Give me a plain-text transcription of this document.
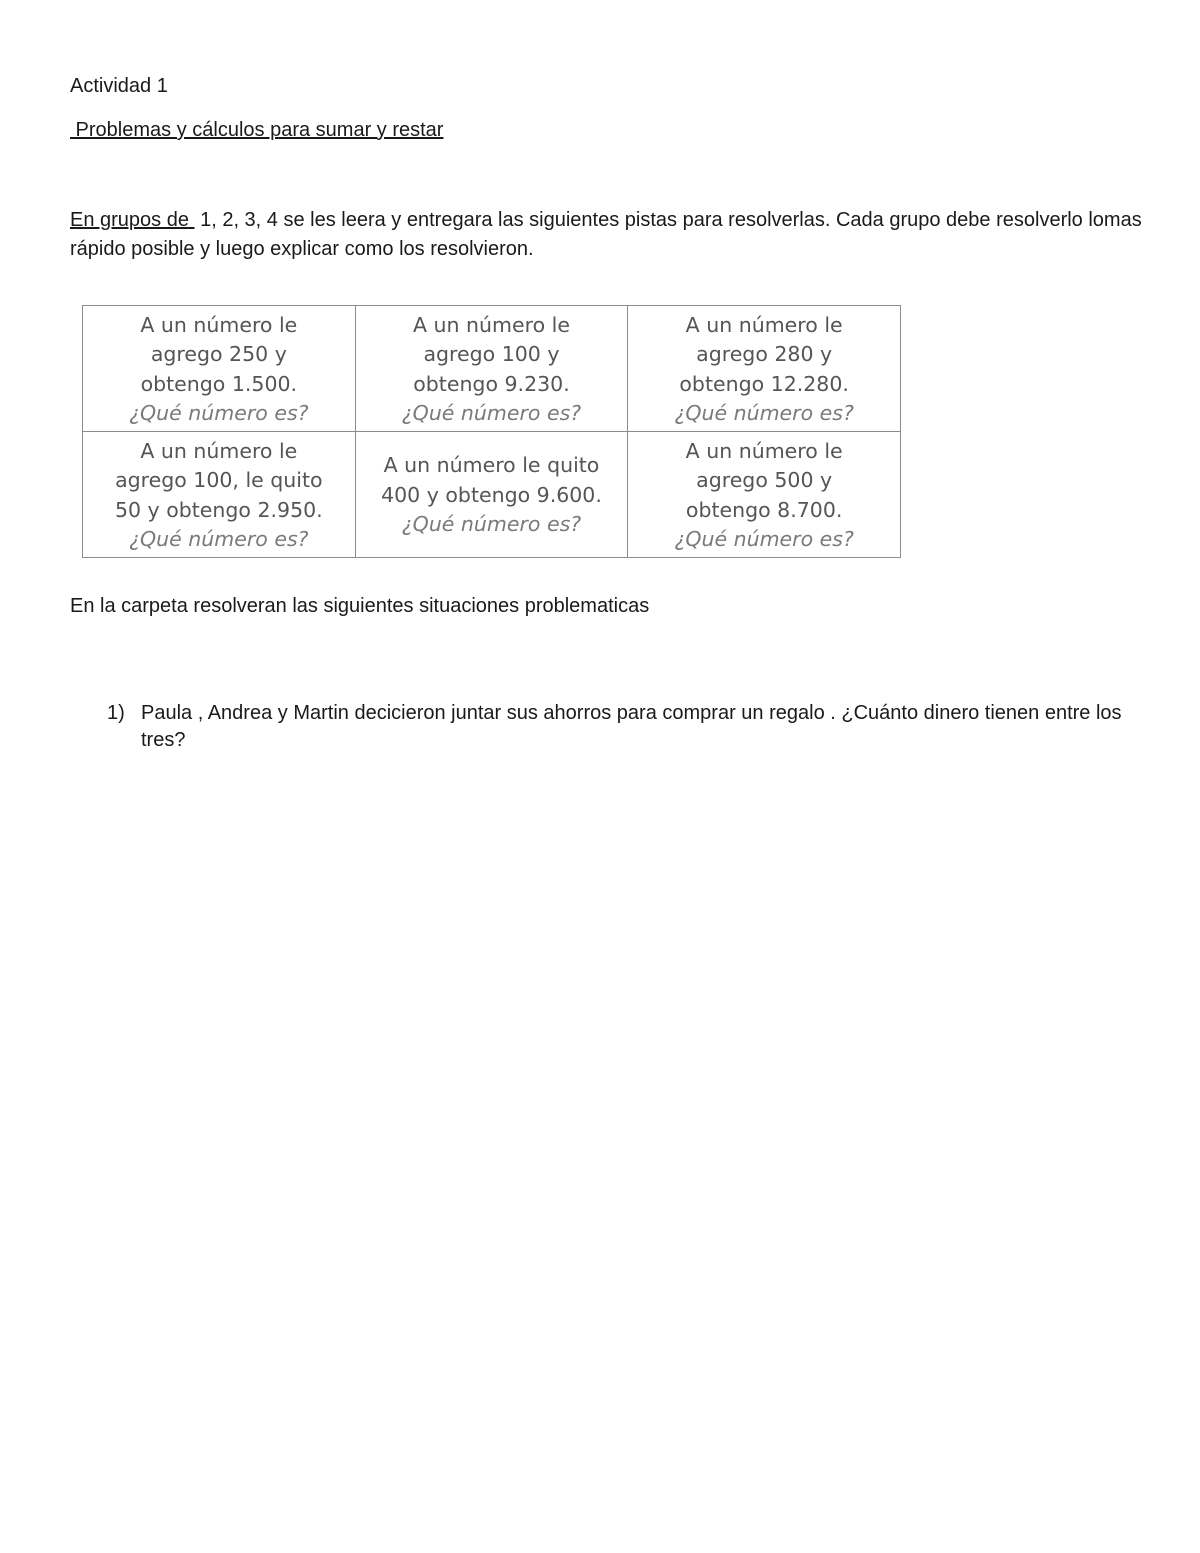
Actividad 1
Problemas y cálculos para sumar y restar
En grupos de  1, 2, 3, 4 se les leera y entregara las siguientes pistas para resolverlas. Cada grupo debe resolverlo lomas rápido posible y luego explicar como los resolvieron.
A un número le
agrego 250 y
obtengo 1.500.
¿Qué número es?	A un número le
agrego 100 y
obtengo 9.230.
¿Qué número es?	A un número le
agrego 280 y
obtengo 12.280.
¿Qué número es?

A un número le
agrego 100, le quito
50 y obtengo 2.950.
¿Qué número es?	A un número le quito
400 y obtengo 9.600.
¿Qué número es?	A un número le
agrego 500 y
obtengo 8.700.
¿Qué número es?
En la carpeta resolveran las siguientes situaciones problematicas
1) Paula , Andrea y Martin decicieron juntar sus ahorros para comprar un regalo . ¿Cuánto dinero tienen entre los tres?
